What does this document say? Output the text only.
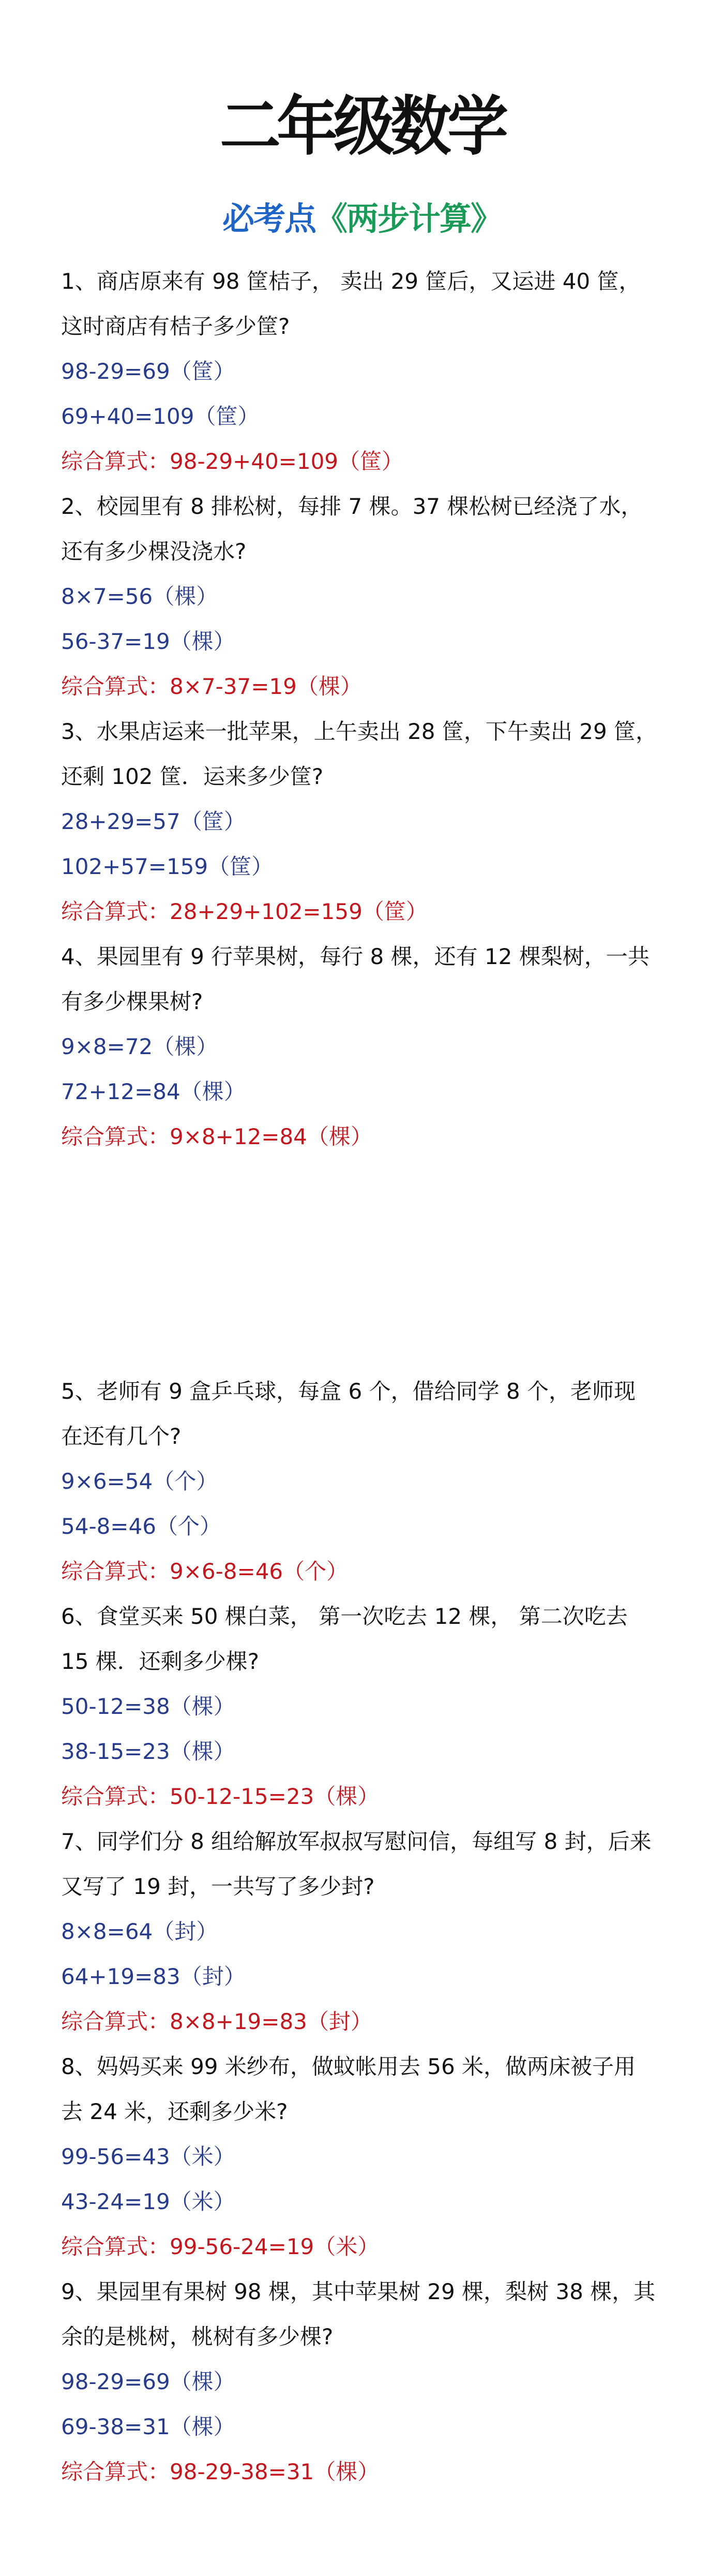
二年级数学
必考点《两步计算》
1、商店原来有 98 筐桔子， 卖出 29 筐后，又运进 40 筐，
这时商店有桔子多少筐?
98-29=69（筐）
69+40=109（筐）
综合算式：98-29+40=109（筐）
2、校园里有 8 排松树，每排 7 棵。37 棵松树已经浇了水，
还有多少棵没浇水?
8×7=56（棵）
56-37=19（棵）
综合算式：8×7-37=19（棵）
3、水果店运来一批苹果，上午卖出 28 筐，下午卖出 29 筐，
还剩 102 筐．运来多少筐?
28+29=57（筐）
102+57=159（筐）
综合算式：28+29+102=159（筐）
4、果园里有 9 行苹果树，每行 8 棵，还有 12 棵梨树，一共
有多少棵果树?
9×8=72（棵）
72+12=84（棵）
综合算式：9×8+12=84（棵）
5、老师有 9 盒乒乓球，每盒 6 个，借给同学 8 个，老师现
在还有几个?
9×6=54（个）
54-8=46（个）
综合算式：9×6-8=46（个）
6、食堂买来 50 棵白菜， 第一次吃去 12 棵， 第二次吃去
15 棵．还剩多少棵?
50-12=38（棵）
38-15=23（棵）
综合算式：50-12-15=23（棵）
7、同学们分 8 组给解放军叔叔写慰问信，每组写 8 封，后来
又写了 19 封，一共写了多少封?
8×8=64（封）
64+19=83（封）
综合算式：8×8+19=83（封）
8、妈妈买来 99 米纱布，做蚊帐用去 56 米，做两床被子用
去 24 米，还剩多少米?
99-56=43（米）
43-24=19（米）
综合算式：99-56-24=19（米）
9、果园里有果树 98 棵，其中苹果树 29 棵，梨树 38 棵，其
余的是桃树，桃树有多少棵?
98-29=69（棵）
69-38=31（棵）
综合算式：98-29-38=31（棵）
